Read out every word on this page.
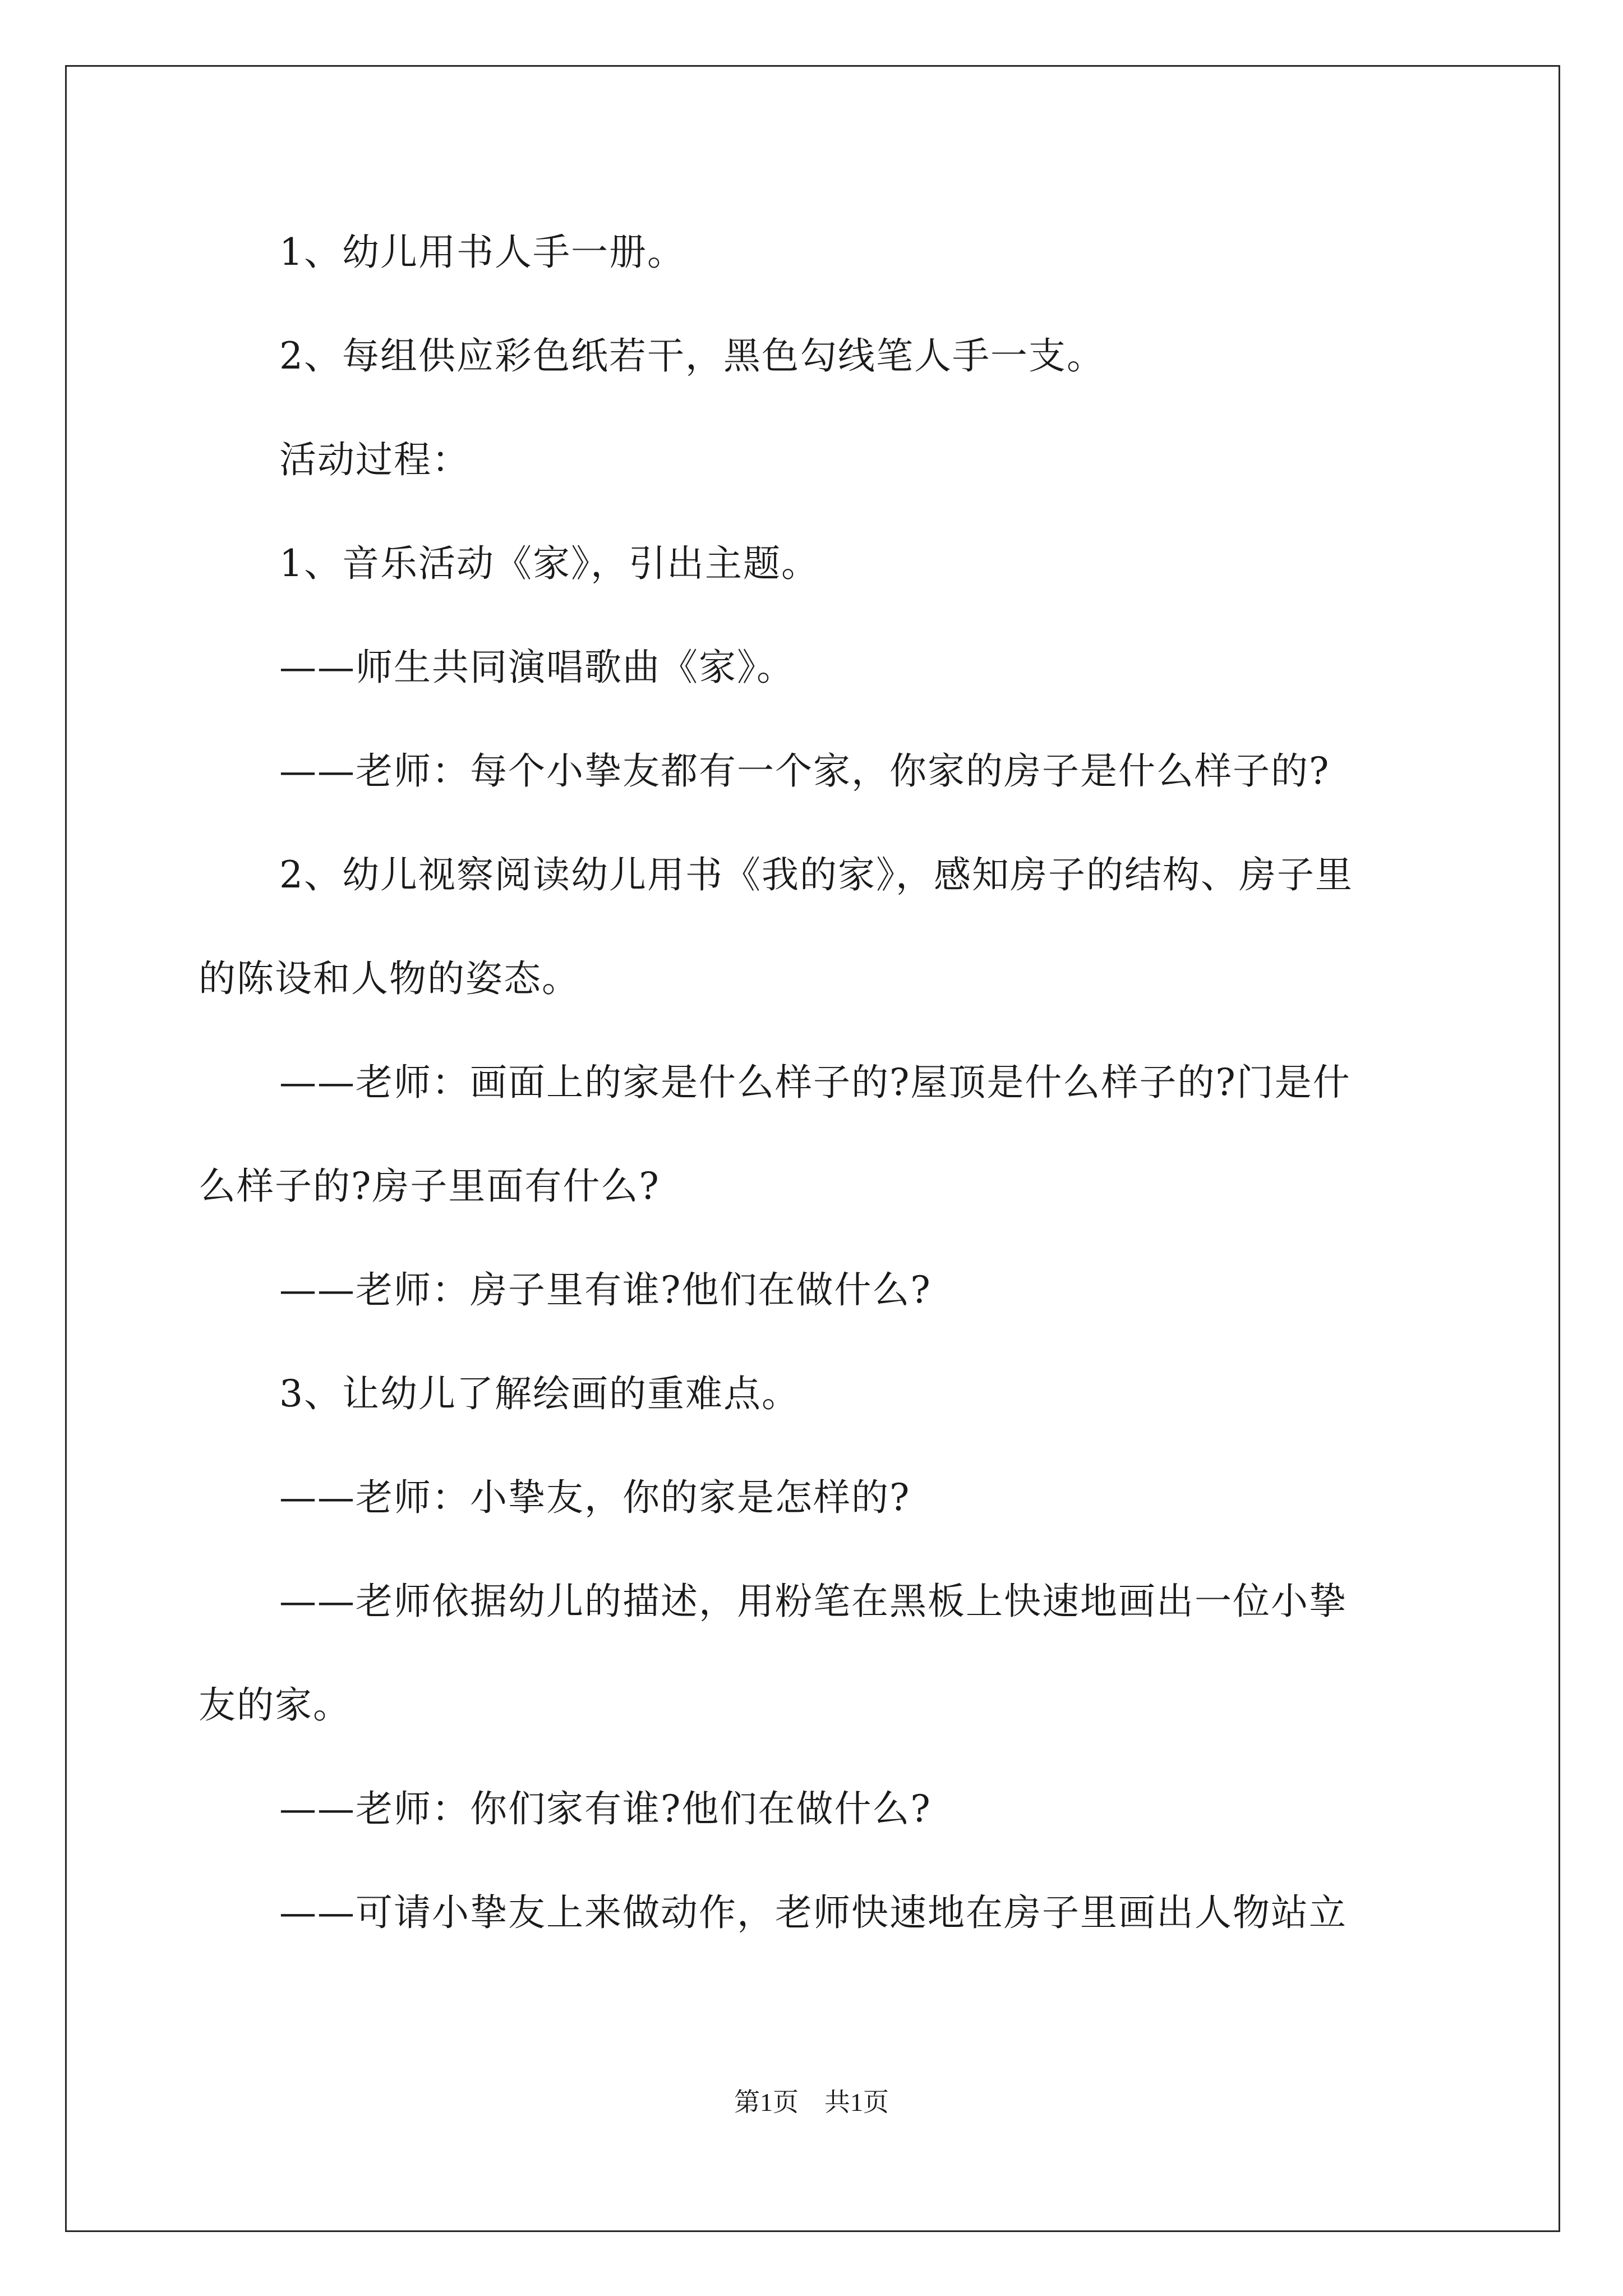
1、幼儿用书人手一册。
2、每组供应彩色纸若干，黑色勾线笔人手一支。
活动过程：
1、音乐活动《家》，引出主题。
——师生共同演唱歌曲《家》。
——老师：每个小挚友都有一个家，你家的房子是什么样子的?
2、幼儿视察阅读幼儿用书《我的家》，感知房子的结构、房子里
的陈设和人物的姿态。
——老师：画面上的家是什么样子的?屋顶是什么样子的?门是什
么样子的?房子里面有什么?
——老师：房子里有谁?他们在做什么?
3、让幼儿了解绘画的重难点。
——老师：小挚友，你的家是怎样的?
——老师依据幼儿的描述，用粉笔在黑板上快速地画出一位小挚
友的家。
——老师：你们家有谁?他们在做什么?
——可请小挚友上来做动作，老师快速地在房子里画出人物站立
第1页　共1页
